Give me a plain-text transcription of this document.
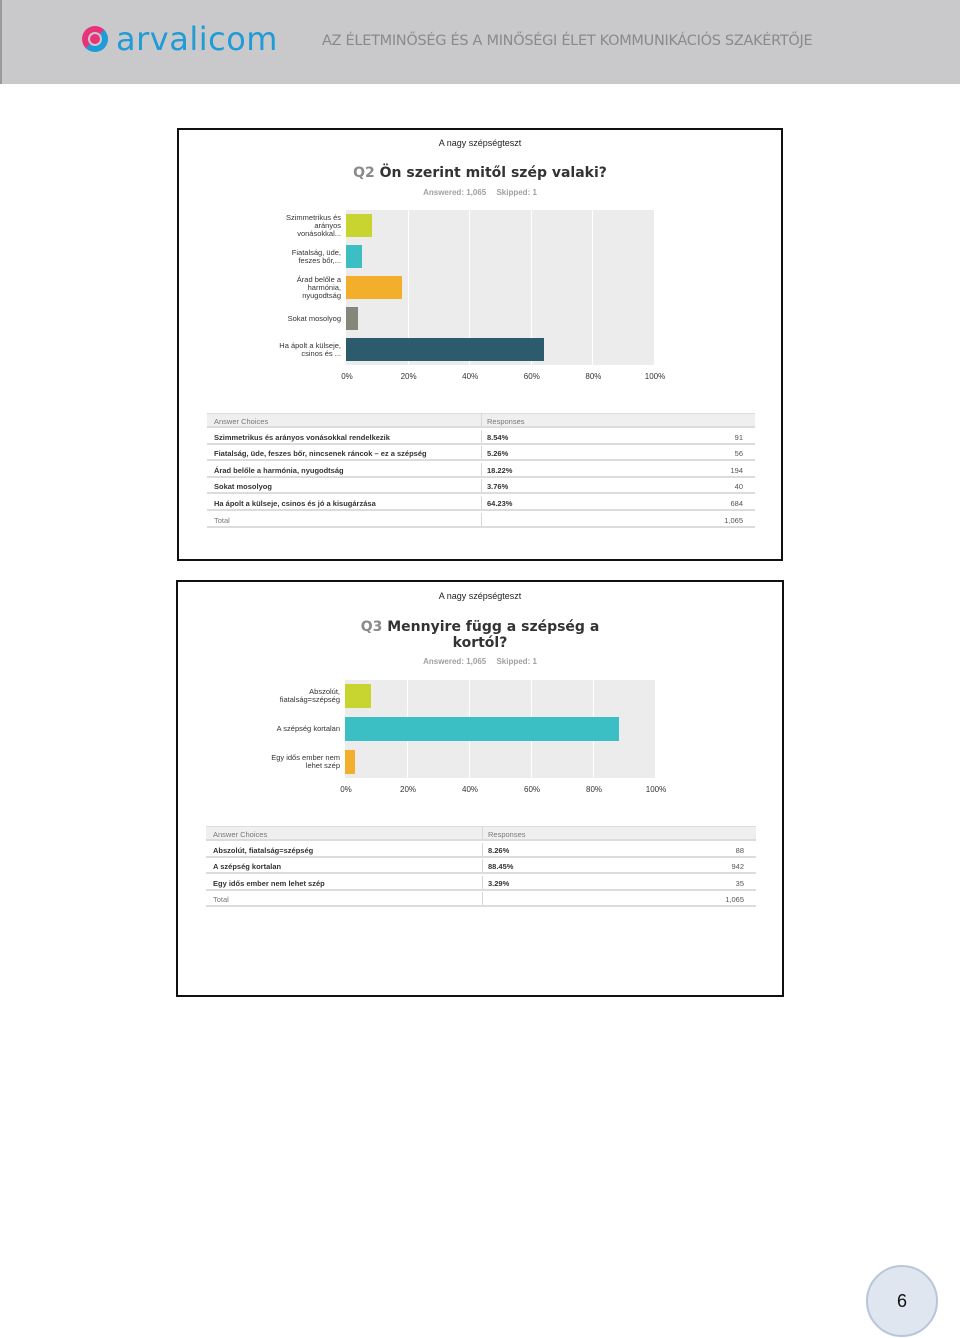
arvalicom	AZ ÉLETMINŐSÉG ÉS A MINŐSÉGI ÉLET KOMMUNIKÁCIÓS SZAKÉRTŐJE
A nagy szépségteszt
Q2 Ön szerint mitől szép valaki?
Answered: 1,065 Skipped: 1
Answer Choices	Responses
Szimmetrikus és arányos vonásokkal rendelkezik	8.54%	91
Fiatalság, üde, feszes bőr, nincsenek ráncok – ez a szépség	5.26%	56
Árad belőle a harmónia, nyugodtság	18.22%	194
Sokat mosolyog	3.76%	40
Ha ápolt a külseje, csinos és jó a kisugárzása	64.23%	684
Total	1,065
0%	20%	40%	60%	80%	100%
Szimmetrikus és arányos vonásokkal...
Fiatalság, üde, feszes bőr,...
Árad belőle a harmónia, nyugodtság
Sokat mosolyog
Ha ápolt a külseje, csinos és ...
A nagy szépségteszt
Q3 Mennyire függ a szépség a kortól?
Answered: 1,065 Skipped: 1
Answer Choices	Responses
Abszolút, fiatalság=szépség	8.26%	88
A szépség kortalan	88.45%	942
Egy idős ember nem lehet szép	3.29%	35
Total	1,065
0%	20%	40%	60%	80%	100%
Abszolút, fiatalság=szépség
A szépség kortalan
Egy idős ember nem lehet szép
6
